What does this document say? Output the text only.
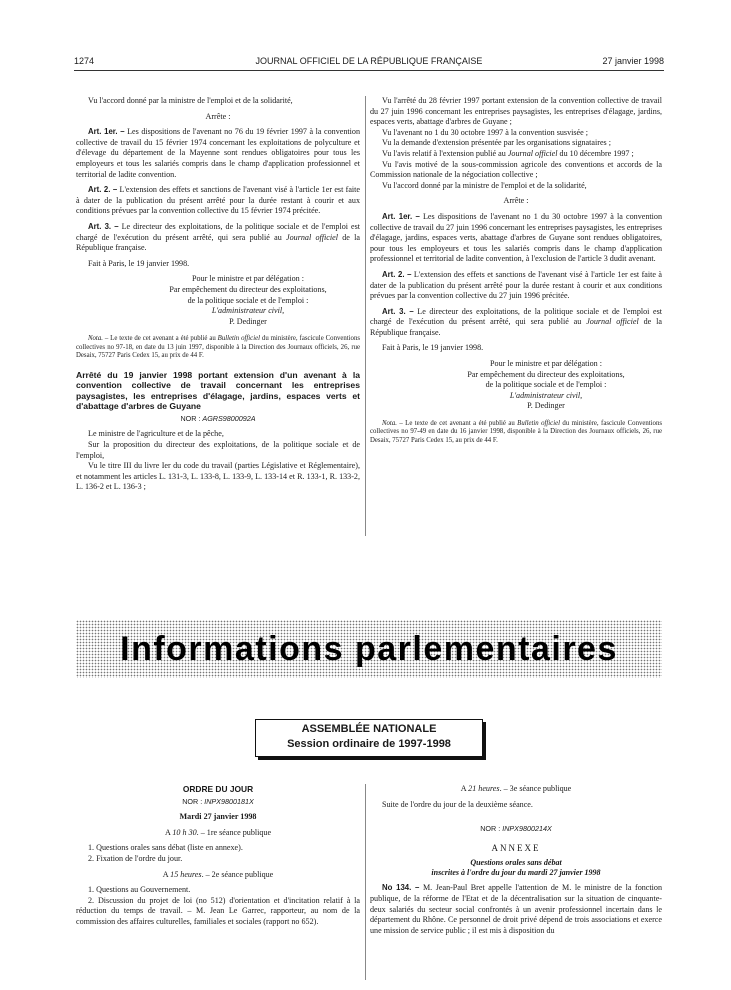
1274	JOURNAL OFFICIEL DE LA RÉPUBLIQUE FRANÇAISE	27 janvier 1998

Vu l'accord donné par la ministre de l'emploi et de la solidarité,

Arrête :

Art. 1er. – Les dispositions de l'avenant no 76 du 19 février 1997 à la convention collective de travail du 15 février 1974 concernant les exploitations de polyculture et d'élevage du département de la Mayenne sont rendues obligatoires pour tous les employeurs et tous les salariés compris dans le champ d'application professionnel et territorial de ladite convention.

Art. 2. – L'extension des effets et sanctions de l'avenant visé à l'article 1er est faite à dater de la publication du présent arrêté pour la durée restant à courir et aux conditions prévues par la convention collective du 15 février 1974 précitée.

Art. 3. – Le directeur des exploitations, de la politique sociale et de l'emploi est chargé de l'exécution du présent arrêté, qui sera publié au Journal officiel de la République française.

Fait à Paris, le 19 janvier 1998.

Pour le ministre et par délégation :

Par empêchement du directeur des exploitations,

de la politique sociale et de l'emploi :

L'administrateur civil,

P. Dedinger

Nota. – Le texte de cet avenant a été publié au Bulletin officiel du ministère, fascicule Conventions collectives no 97-18, en date du 13 juin 1997, disponible à la Direction des Journaux officiels, 26, rue Desaix, 75727 Paris Cedex 15, au prix de 44 F.

Arrêté du 19 janvier 1998 portant extension d'un avenant à la convention collective de travail concernant les entreprises paysagistes, les entreprises d'élagage, jardins, espaces verts et d'abattage d'arbres de Guyane

NOR : AGRS9800092A

Le ministre de l'agriculture et de la pêche,

Sur la proposition du directeur des exploitations, de la politique sociale et de l'emploi,

Vu le titre III du livre Ier du code du travail (parties Législative et Réglementaire), et notamment les articles L. 131-3, L. 133-8, L. 133-9, L. 133-14 et R. 133-1, R. 133-2, L. 136-2 et L. 136-3 ;

Vu l'arrêté du 28 février 1997 portant extension de la convention collective de travail du 27 juin 1996 concernant les entreprises paysagistes, les entreprises d'élagage, jardins, espaces verts, abattage d'arbres de Guyane ;

Vu l'avenant no 1 du 30 octobre 1997 à la convention susvisée ;

Vu la demande d'extension présentée par les organisations signataires ;

Vu l'avis relatif à l'extension publié au Journal officiel du 10 décembre 1997 ;

Vu l'avis motivé de la sous-commission agricole des conventions et accords de la Commission nationale de la négociation collective ;

Vu l'accord donné par la ministre de l'emploi et de la solidarité,

Arrête :

Art. 1er. – Les dispositions de l'avenant no 1 du 30 octobre 1997 à la convention collective de travail du 27 juin 1996 concernant les entreprises paysagistes, les entreprises d'élagage, jardins, espaces verts, abattage d'arbres de Guyane sont rendues obligatoires, pour tous les employeurs et tous les salariés compris dans le champ d'application professionnel et territorial de ladite convention, à l'exclusion de l'article 3 dudit avenant.

Art. 2. – L'extension des effets et sanctions de l'avenant visé à l'article 1er est faite à dater de la publication du présent arrêté pour la durée restant à courir et aux conditions prévues par la convention collective du 27 juin 1996 précitée.

Art. 3. – Le directeur des exploitations, de la politique sociale et de l'emploi est chargé de l'exécution du présent arrêté, qui sera publié au Journal officiel de la République française.

Fait à Paris, le 19 janvier 1998.

Pour le ministre et par délégation :

Par empêchement du directeur des exploitations,

de la politique sociale et de l'emploi :

L'administrateur civil,

P. Dedinger

Nota. – Le texte de cet avenant a été publié au Bulletin officiel du ministère, fascicule Conventions collectives no 97-49 en date du 16 janvier 1998, disponible à la Direction des Journaux officiels, 26, rue Desaix, 75727 Paris Cedex 15, au prix de 44 F.

Informations parlementaires
ASSEMBLÉE NATIONALE
Session ordinaire de 1997-1998

ORDRE DU JOUR

NOR : INPX9800181X

Mardi 27 janvier 1998

A 10 h 30. – 1re séance publique

1. Questions orales sans débat (liste en annexe).

2. Fixation de l'ordre du jour.

A 15 heures. – 2e séance publique

1. Questions au Gouvernement.

2. Discussion du projet de loi (no 512) d'orientation et d'incitation relatif à la réduction du temps de travail. – M. Jean Le Garrec, rapporteur, au nom de la commission des affaires culturelles, familiales et sociales (rapport no 652).

A 21 heures. – 3e séance publique

Suite de l'ordre du jour de la deuxième séance.

NOR : INPX9800214X

ANNEXE

Questions orales sans débat

inscrites à l'ordre du jour du mardi 27 janvier 1998

No 134. – M. Jean-Paul Bret appelle l'attention de M. le ministre de la fonction publique, de la réforme de l'Etat et de la décentralisation sur la situation de cinquante-deux salariés du secteur social confrontés à un avenir professionnel incertain dans le département du Rhône. Ce personnel de droit privé dépend de trois associations et exerce une mission de service public ; il est mis à disposition du
